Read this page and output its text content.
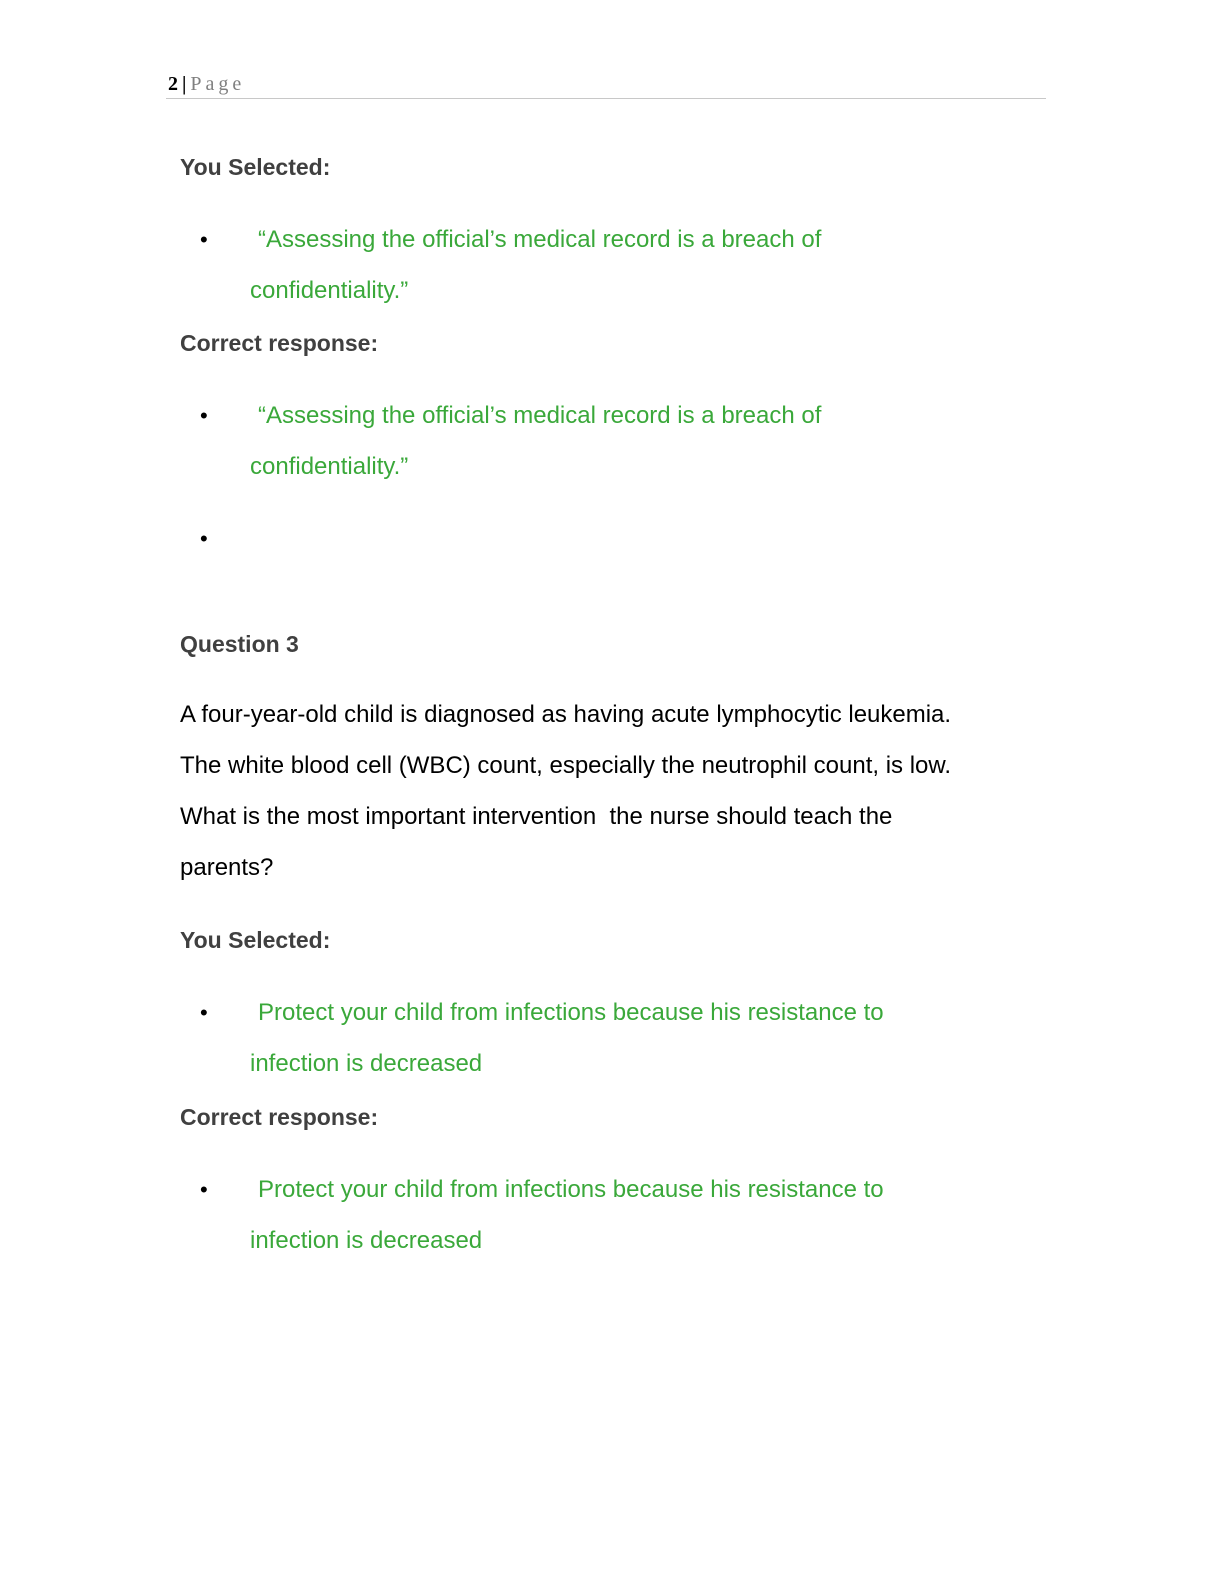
2 | Page
You Selected:
• “Assessing the official’s medical record is a breach of
confidentiality.”
Correct response:
• “Assessing the official’s medical record is a breach of
confidentiality.”
•
Question 3
A four-year-old child is diagnosed as having acute lymphocytic leukemia.
The white blood cell (WBC) count, especially the neutrophil count, is low.
What is the most important intervention  the nurse should teach the
parents?
You Selected:
• Protect your child from infections because his resistance to
infection is decreased
Correct response:
• Protect your child from infections because his resistance to
infection is decreased
